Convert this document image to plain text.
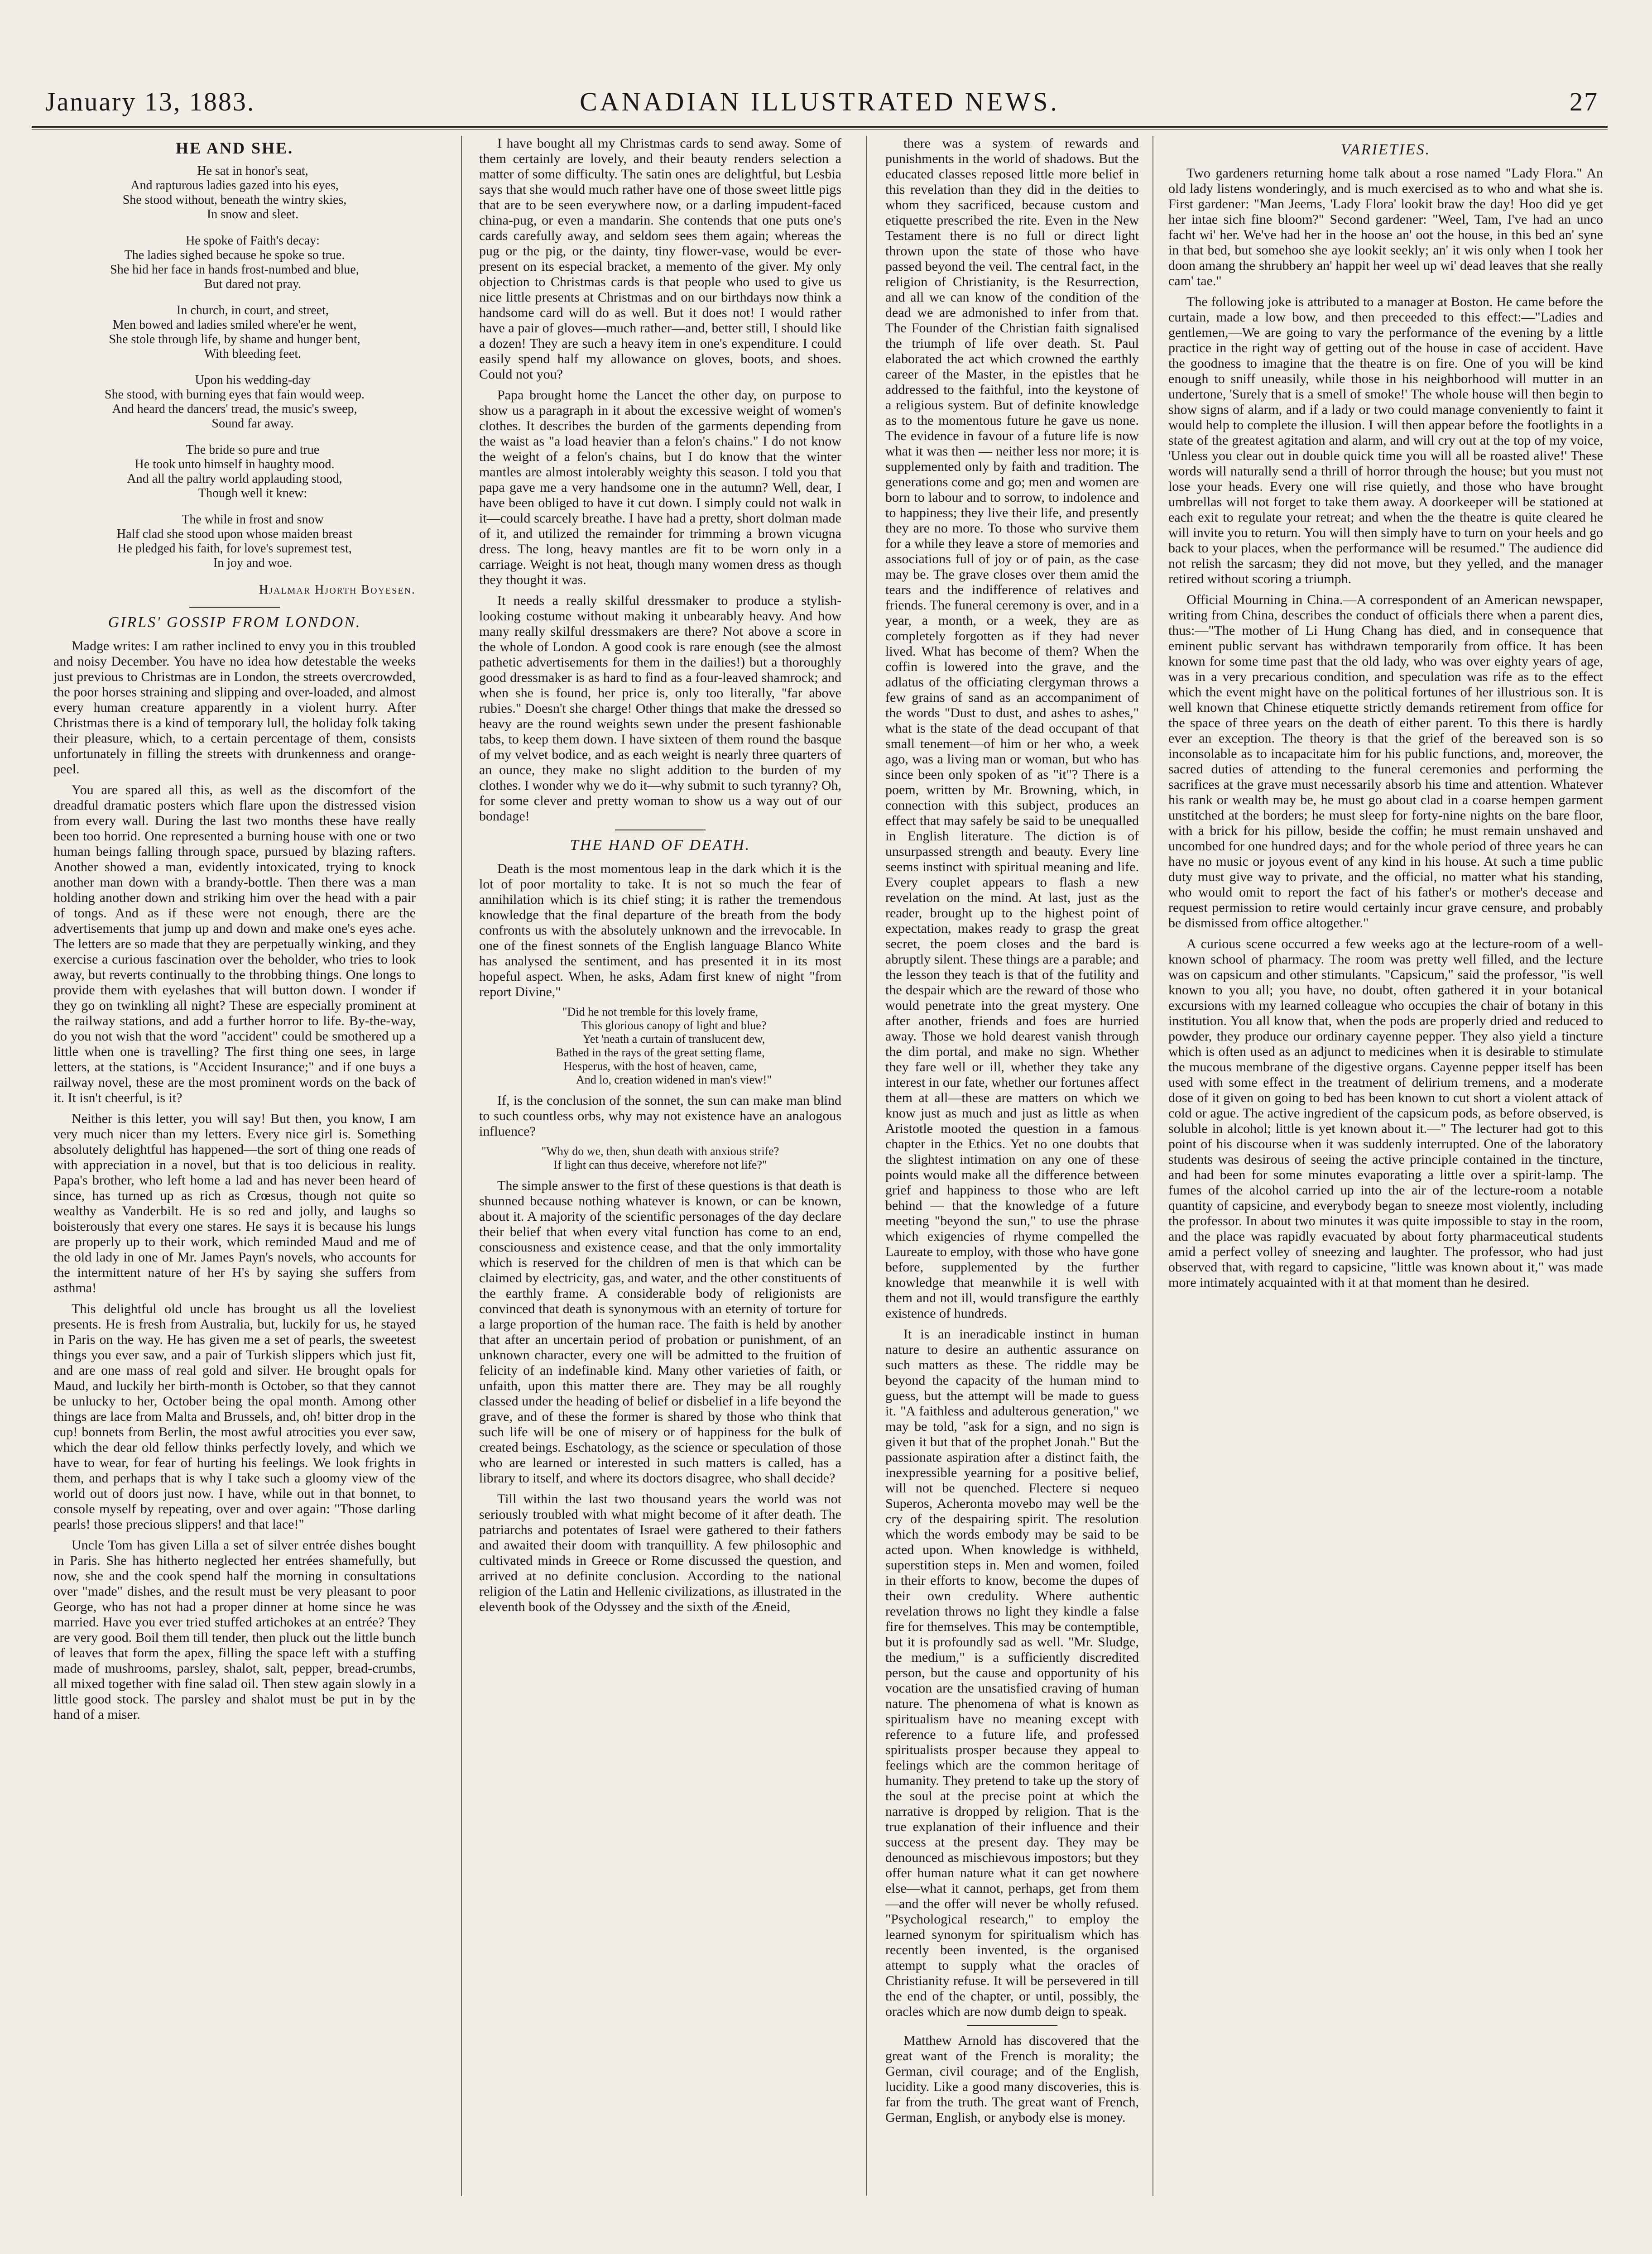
January 13, 1883.	CANADIAN ILLUSTRATED NEWS.	27
HE AND SHE.
He sat in honor's seat,
And rapturous ladies gazed into his eyes,
She stood without, beneath the wintry skies,
In snow and sleet.
He spoke of Faith's decay:
The ladies sighed because he spoke so true.
She hid her face in hands frost-numbed and blue,
But dared not pray.
In church, in court, and street,
Men bowed and ladies smiled where'er he went,
She stole through life, by shame and hunger bent,
With bleeding feet.
Upon his wedding-day
She stood, with burning eyes that fain would weep.
And heard the dancers' tread, the music's sweep,
Sound far away.
The bride so pure and true
He took unto himself in haughty mood.
And all the paltry world applauding stood,
Though well it knew:
The while in frost and snow
Half clad she stood upon whose maiden breast
He pledged his faith, for love's supremest test,
In joy and woe.
Hjalmar Hjorth Boyesen.
GIRLS' GOSSIP FROM LONDON.

Madge writes: I am rather inclined to envy you in this troubled and noisy December. You have no idea how detestable the weeks just previous to Christmas are in London, the streets overcrowded, the poor horses straining and slipping and over-loaded, and almost every human creature apparently in a violent hurry. After Christmas there is a kind of temporary lull, the holiday folk taking their pleasure, which, to a certain percentage of them, consists unfortunately in filling the streets with drunkenness and orange-peel.

You are spared all this, as well as the discomfort of the dreadful dramatic posters which flare upon the distressed vision from every wall. During the last two months these have really been too horrid. One represented a burning house with one or two human beings falling through space, pursued by blazing rafters. Another showed a man, evidently intoxicated, trying to knock another man down with a brandy-bottle. Then there was a man holding another down and striking him over the head with a pair of tongs. And as if these were not enough, there are the advertisements that jump up and down and make one's eyes ache. The letters are so made that they are perpetually winking, and they exercise a curious fascination over the beholder, who tries to look away, but reverts continually to the throbbing things. One longs to provide them with eyelashes that will button down. I wonder if they go on twinkling all night? These are especially prominent at the railway stations, and add a further horror to life. By-the-way, do you not wish that the word "accident" could be smothered up a little when one is travelling? The first thing one sees, in large letters, at the stations, is "Accident Insurance;" and if one buys a railway novel, these are the most prominent words on the back of it. It isn't cheerful, is it?

Neither is this letter, you will say! But then, you know, I am very much nicer than my letters. Every nice girl is. Something absolutely delightful has happened—the sort of thing one reads of with appreciation in a novel, but that is too delicious in reality. Papa's brother, who left home a lad and has never been heard of since, has turned up as rich as Crœsus, though not quite so wealthy as Vanderbilt. He is so red and jolly, and laughs so boisterously that every one stares. He says it is because his lungs are properly up to their work, which reminded Maud and me of the old lady in one of Mr. James Payn's novels, who accounts for the intermittent nature of her H's by saying she suffers from asthma!

This delightful old uncle has brought us all the loveliest presents. He is fresh from Australia, but, luckily for us, he stayed in Paris on the way. He has given me a set of pearls, the sweetest things you ever saw, and a pair of Turkish slippers which just fit, and are one mass of real gold and silver. He brought opals for Maud, and luckily her birth-month is October, so that they cannot be unlucky to her, October being the opal month. Among other things are lace from Malta and Brussels, and, oh! bitter drop in the cup! bonnets from Berlin, the most awful atrocities you ever saw, which the dear old fellow thinks perfectly lovely, and which we have to wear, for fear of hurting his feelings. We look frights in them, and perhaps that is why I take such a gloomy view of the world out of doors just now. I have, while out in that bonnet, to console myself by repeating, over and over again: "Those darling pearls! those precious slippers! and that lace!"

Uncle Tom has given Lilla a set of silver entrée dishes bought in Paris. She has hitherto neglected her entrées shamefully, but now, she and the cook spend half the morning in consultations over "made" dishes, and the result must be very pleasant to poor George, who has not had a proper dinner at home since he was married. Have you ever tried stuffed artichokes at an entrée? They are very good. Boil them till tender, then pluck out the little bunch of leaves that form the apex, filling the space left with a stuffing made of mushrooms, parsley, shalot, salt, pepper, bread-crumbs, all mixed together with fine salad oil. Then stew again slowly in a little good stock. The parsley and shalot must be put in by the hand of a miser.

I have bought all my Christmas cards to send away. Some of them certainly are lovely, and their beauty renders selection a matter of some difficulty. The satin ones are delightful, but Lesbia says that she would much rather have one of those sweet little pigs that are to be seen everywhere now, or a darling impudent-faced china-pug, or even a mandarin. She contends that one puts one's cards carefully away, and seldom sees them again; whereas the pug or the pig, or the dainty, tiny flower-vase, would be ever-present on its especial bracket, a memento of the giver. My only objection to Christmas cards is that people who used to give us nice little presents at Christmas and on our birthdays now think a handsome card will do as well. But it does not! I would rather have a pair of gloves—much rather—and, better still, I should like a dozen! They are such a heavy item in one's expenditure. I could easily spend half my allowance on gloves, boots, and shoes. Could not you?

Papa brought home the Lancet the other day, on purpose to show us a paragraph in it about the excessive weight of women's clothes. It describes the burden of the garments depending from the waist as "a load heavier than a felon's chains." I do not know the weight of a felon's chains, but I do know that the winter mantles are almost intolerably weighty this season. I told you that papa gave me a very handsome one in the autumn? Well, dear, I have been obliged to have it cut down. I simply could not walk in it—could scarcely breathe. I have had a pretty, short dolman made of it, and utilized the remainder for trimming a brown vicugna dress. The long, heavy mantles are fit to be worn only in a carriage. Weight is not heat, though many women dress as though they thought it was.

It needs a really skilful dressmaker to produce a stylish-looking costume without making it unbearably heavy. And how many really skilful dressmakers are there? Not above a score in the whole of London. A good cook is rare enough (see the almost pathetic advertisements for them in the dailies!) but a thoroughly good dressmaker is as hard to find as a four-leaved shamrock; and when she is found, her price is, only too literally, "far above rubies." Doesn't she charge! Other things that make the dressed so heavy are the round weights sewn under the present fashionable tabs, to keep them down. I have sixteen of them round the basque of my velvet bodice, and as each weight is nearly three quarters of an ounce, they make no slight addition to the burden of my clothes. I wonder why we do it—why submit to such tyranny? Oh, for some clever and pretty woman to show us a way out of our bondage!

THE HAND OF DEATH.

Death is the most momentous leap in the dark which it is the lot of poor mortality to take. It is not so much the fear of annihilation which is its chief sting; it is rather the tremendous knowledge that the final departure of the breath from the body confronts us with the absolutely unknown and the irrevocable. In one of the finest sonnets of the English language Blanco White has analysed the sentiment, and has presented it in its most hopeful aspect. When, he asks, Adam first knew of night "from report Divine,"

"Did he not tremble for this lovely frame,
This glorious canopy of light and blue?
Yet 'neath a curtain of translucent dew,
Bathed in the rays of the great setting flame,
Hesperus, with the host of heaven, came,
And lo, creation widened in man's view!"

If, is the conclusion of the sonnet, the sun can make man blind to such countless orbs, why may not existence have an analogous influence?

"Why do we, then, shun death with anxious strife?
If light can thus deceive, wherefore not life?"

The simple answer to the first of these questions is that death is shunned because nothing whatever is known, or can be known, about it. A majority of the scientific personages of the day declare their belief that when every vital function has come to an end, consciousness and existence cease, and that the only immortality which is reserved for the children of men is that which can be claimed by electricity, gas, and water, and the other constituents of the earthly frame. A considerable body of religionists are convinced that death is synonymous with an eternity of torture for a large proportion of the human race. The faith is held by another that after an uncertain period of probation or punishment, of an unknown character, every one will be admitted to the fruition of felicity of an indefinable kind. Many other varieties of faith, or unfaith, upon this matter there are. They may be all roughly classed under the heading of belief or disbelief in a life beyond the grave, and of these the former is shared by those who think that such life will be one of misery or of happiness for the bulk of created beings. Eschatology, as the science or speculation of those who are learned or interested in such matters is called, has a library to itself, and where its doctors disagree, who shall decide?

Till within the last two thousand years the world was not seriously troubled with what might become of it after death. The patriarchs and potentates of Israel were gathered to their fathers and awaited their doom with tranquillity. A few philosophic and cultivated minds in Greece or Rome discussed the question, and arrived at no definite conclusion. According to the national religion of the Latin and Hellenic civilizations, as illustrated in the eleventh book of the Odyssey and the sixth of the Æneid,

there was a system of rewards and punishments in the world of shadows. But the educated classes reposed little more belief in this revelation than they did in the deities to whom they sacrificed, because custom and etiquette prescribed the rite. Even in the New Testament there is no full or direct light thrown upon the state of those who have passed beyond the veil. The central fact, in the religion of Christianity, is the Resurrection, and all we can know of the condition of the dead we are admonished to infer from that. The Founder of the Christian faith signalised the triumph of life over death. St. Paul elaborated the act which crowned the earthly career of the Master, in the epistles that he addressed to the faithful, into the keystone of a religious system. But of definite knowledge as to the momentous future he gave us none. The evidence in favour of a future life is now what it was then — neither less nor more; it is supplemented only by faith and tradition. The generations come and go; men and women are born to labour and to sorrow, to indolence and to happiness; they live their life, and presently they are no more. To those who survive them for a while they leave a store of memories and associations full of joy or of pain, as the case may be. The grave closes over them amid the tears and the indifference of relatives and friends. The funeral ceremony is over, and in a year, a month, or a week, they are as completely forgotten as if they had never lived. What has become of them? When the coffin is lowered into the grave, and the adlatus of the officiating clergyman throws a few grains of sand as an accompaniment of the words "Dust to dust, and ashes to ashes," what is the state of the dead occupant of that small tenement—of him or her who, a week ago, was a living man or woman, but who has since been only spoken of as "it"? There is a poem, written by Mr. Browning, which, in connection with this subject, produces an effect that may safely be said to be unequalled in English literature. The diction is of unsurpassed strength and beauty. Every line seems instinct with spiritual meaning and life. Every couplet appears to flash a new revelation on the mind. At last, just as the reader, brought up to the highest point of expectation, makes ready to grasp the great secret, the poem closes and the bard is abruptly silent. These things are a parable; and the lesson they teach is that of the futility and the despair which are the reward of those who would penetrate into the great mystery. One after another, friends and foes are hurried away. Those we hold dearest vanish through the dim portal, and make no sign. Whether they fare well or ill, whether they take any interest in our fate, whether our fortunes affect them at all—these are matters on which we know just as much and just as little as when Aristotle mooted the question in a famous chapter in the Ethics. Yet no one doubts that the slightest intimation on any one of these points would make all the difference between grief and happiness to those who are left behind — that the knowledge of a future meeting "beyond the sun," to use the phrase which exigencies of rhyme compelled the Laureate to employ, with those who have gone before, supplemented by the further knowledge that meanwhile it is well with them and not ill, would transfigure the earthly existence of hundreds.

It is an ineradicable instinct in human nature to desire an authentic assurance on such matters as these. The riddle may be beyond the capacity of the human mind to guess, but the attempt will be made to guess it. "A faithless and adulterous generation," we may be told, "ask for a sign, and no sign is given it but that of the prophet Jonah." But the passionate aspiration after a distinct faith, the inexpressible yearning for a positive belief, will not be quenched. Flectere si nequeo Superos, Acheronta movebo may well be the cry of the despairing spirit. The resolution which the words embody may be said to be acted upon. When knowledge is withheld, superstition steps in. Men and women, foiled in their efforts to know, become the dupes of their own credulity. Where authentic revelation throws no light they kindle a false fire for themselves. This may be contemptible, but it is profoundly sad as well. "Mr. Sludge, the medium," is a sufficiently discredited person, but the cause and opportunity of his vocation are the unsatisfied craving of human nature. The phenomena of what is known as spiritualism have no meaning except with reference to a future life, and professed spiritualists prosper because they appeal to feelings which are the common heritage of humanity. They pretend to take up the story of the soul at the precise point at which the narrative is dropped by religion. That is the true explanation of their influence and their success at the present day. They may be denounced as mischievous impostors; but they offer human nature what it can get nowhere else—what it cannot, perhaps, get from them—and the offer will never be wholly refused. "Psychological research," to employ the learned synonym for spiritualism which has recently been invented, is the organised attempt to supply what the oracles of Christianity refuse. It will be persevered in till the end of the chapter, or until, possibly, the oracles which are now dumb deign to speak.

Matthew Arnold has discovered that the great want of the French is morality; the German, civil courage; and of the English, lucidity. Like a good many discoveries, this is far from the truth. The great want of French, German, English, or anybody else is money.

VARIETIES.

Two gardeners returning home talk about a rose named "Lady Flora." An old lady listens wonderingly, and is much exercised as to who and what she is. First gardener: "Man Jeems, 'Lady Flora' lookit braw the day! Hoo did ye get her intae sich fine bloom?" Second gardener: "Weel, Tam, I've had an unco facht wi' her. We've had her in the hoose an' oot the house, in this bed an' syne in that bed, but somehoo she aye lookit seekly; an' it wis only when I took her doon amang the shrubbery an' happit her weel up wi' dead leaves that she really cam' tae."

The following joke is attributed to a manager at Boston. He came before the curtain, made a low bow, and then preceeded to this effect:—"Ladies and gentlemen,—We are going to vary the performance of the evening by a little practice in the right way of getting out of the house in case of accident. Have the goodness to imagine that the theatre is on fire. One of you will be kind enough to sniff uneasily, while those in his neighborhood will mutter in an undertone, 'Surely that is a smell of smoke!' The whole house will then begin to show signs of alarm, and if a lady or two could manage conveniently to faint it would help to complete the illusion. I will then appear before the footlights in a state of the greatest agitation and alarm, and will cry out at the top of my voice, 'Unless you clear out in double quick time you will all be roasted alive!' These words will naturally send a thrill of horror through the house; but you must not lose your heads. Every one will rise quietly, and those who have brought umbrellas will not forget to take them away. A doorkeeper will be stationed at each exit to regulate your retreat; and when the the theatre is quite cleared he will invite you to return. You will then simply have to turn on your heels and go back to your places, when the performance will be resumed." The audience did not relish the sarcasm; they did not move, but they yelled, and the manager retired without scoring a triumph.

Official Mourning in China.—A correspondent of an American newspaper, writing from China, describes the conduct of officials there when a parent dies, thus:—"The mother of Li Hung Chang has died, and in consequence that eminent public servant has withdrawn temporarily from office. It has been known for some time past that the old lady, who was over eighty years of age, was in a very precarious condition, and speculation was rife as to the effect which the event might have on the political fortunes of her illustrious son. It is well known that Chinese etiquette strictly demands retirement from office for the space of three years on the death of either parent. To this there is hardly ever an exception. The theory is that the grief of the bereaved son is so inconsolable as to incapacitate him for his public functions, and, moreover, the sacred duties of attending to the funeral ceremonies and performing the sacrifices at the grave must necessarily absorb his time and attention. Whatever his rank or wealth may be, he must go about clad in a coarse hempen garment unstitched at the borders; he must sleep for forty-nine nights on the bare floor, with a brick for his pillow, beside the coffin; he must remain unshaved and uncombed for one hundred days; and for the whole period of three years he can have no music or joyous event of any kind in his house. At such a time public duty must give way to private, and the official, no matter what his standing, who would omit to report the fact of his father's or mother's decease and request permission to retire would certainly incur grave censure, and probably be dismissed from office altogether."

A curious scene occurred a few weeks ago at the lecture-room of a well-known school of pharmacy. The room was pretty well filled, and the lecture was on capsicum and other stimulants. "Capsicum," said the professor, "is well known to you all; you have, no doubt, often gathered it in your botanical excursions with my learned colleague who occupies the chair of botany in this institution. You all know that, when the pods are properly dried and reduced to powder, they produce our ordinary cayenne pepper. They also yield a tincture which is often used as an adjunct to medicines when it is desirable to stimulate the mucous membrane of the digestive organs. Cayenne pepper itself has been used with some effect in the treatment of delirium tremens, and a moderate dose of it given on going to bed has been known to cut short a violent attack of cold or ague. The active ingredient of the capsicum pods, as before observed, is soluble in alcohol; little is yet known about it.—" The lecturer had got to this point of his discourse when it was suddenly interrupted. One of the laboratory students was desirous of seeing the active principle contained in the tincture, and had been for some minutes evaporating a little over a spirit-lamp. The fumes of the alcohol carried up into the air of the lecture-room a notable quantity of capsicine, and everybody began to sneeze most violently, including the professor. In about two minutes it was quite impossible to stay in the room, and the place was rapidly evacuated by about forty pharmaceutical students amid a perfect volley of sneezing and laughter. The professor, who had just observed that, with regard to capsicine, "little was known about it," was made more intimately acquainted with it at that moment than he desired.
